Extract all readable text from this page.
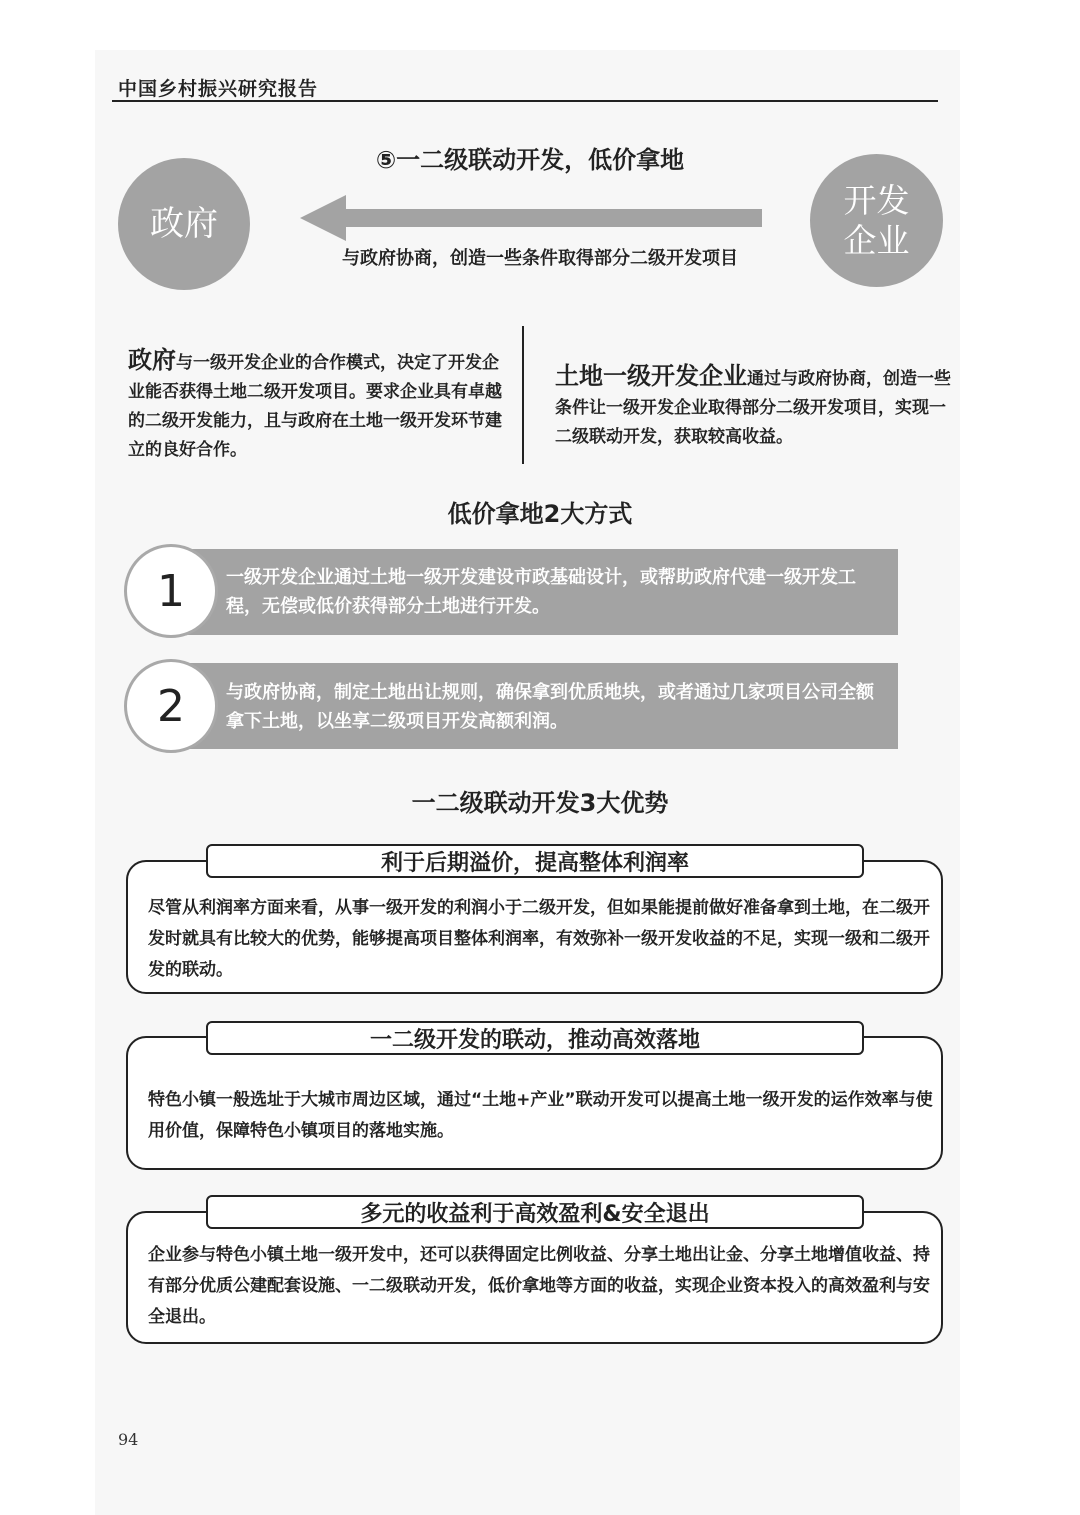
中国乡村振兴研究报告
⑤一二级联动开发，低价拿地
政府
开发企业
与政府协商，创造一些条件取得部分二级开发项目
政府与一级开发企业的合作模式，决定了开发企业能否获得土地二级开发项目。要求企业具有卓越的二级开发能力，且与政府在土地一级开发环节建立的良好合作。
土地一级开发企业通过与政府协商，创造一些条件让一级开发企业取得部分二级开发项目，实现一二级联动开发，获取较高收益。
低价拿地2大方式
一级开发企业通过土地一级开发建设市政基础设计，或帮助政府代建一级开发工程，无偿或低价获得部分土地进行开发。
1
与政府协商，制定土地出让规则，确保拿到优质地块，或者通过几家项目公司全额拿下土地，以坐享二级项目开发高额利润。
2
一二级联动开发3大优势
利于后期溢价，提高整体利润率
尽管从利润率方面来看，从事一级开发的利润小于二级开发，但如果能提前做好准备拿到土地，在二级开发时就具有比较大的优势，能够提高项目整体利润率，有效弥补一级开发收益的不足，实现一级和二级开发的联动。
一二级开发的联动，推动高效落地
特色小镇一般选址于大城市周边区域，通过“土地+产业”联动开发可以提高土地一级开发的运作效率与使用价值，保障特色小镇项目的落地实施。
多元的收益利于高效盈利&安全退出
企业参与特色小镇土地一级开发中，还可以获得固定比例收益、分享土地出让金、分享土地增值收益、持有部分优质公建配套设施、一二级联动开发，低价拿地等方面的收益，实现企业资本投入的高效盈利与安全退出。
94
